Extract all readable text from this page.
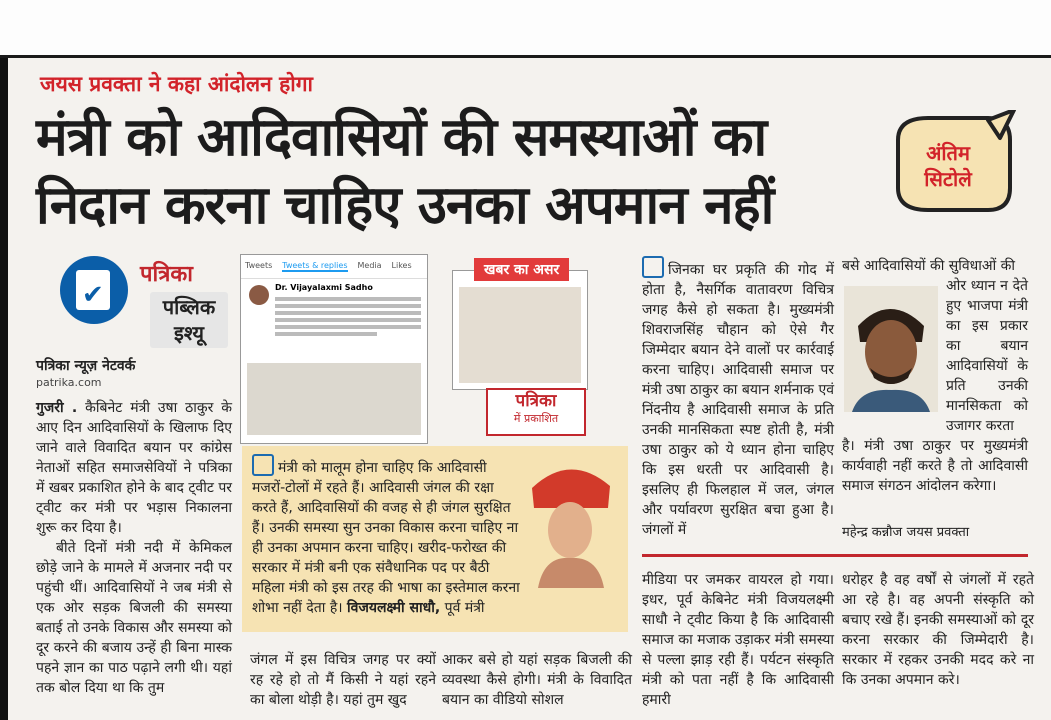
जयस प्रवक्ता ने कहा आंदोलन होगा
मंत्री को आदिवासियों की समस्याओं का
निदान करना चाहिए उनका अपमान नहीं
अंतिम
सिटोले
✔
पत्रिका
पब्लिक इश्यू
पत्रिका न्यूज़ नेटवर्क
patrika.com

गुजरी . कैबिनेट मंत्री उषा ठाकुर के आए दिन आदिवासियों के खिलाफ दिए जाने वाले विवादित बयान पर कांग्रेस नेताओं सहित समाजसेवियों ने पत्रिका में खबर प्रकाशित होने के बाद ट्वीट पर ट्वीट कर मंत्री पर भड़ास निकालना शुरू कर दिया है।

बीते दिनों मंत्री नदी में केमिकल छोड़े जाने के मामले में अजनार नदी पर पहुंची थीं। आदिवासियों ने जब मंत्री से एक ओर सड़क बिजली की समस्या बताई तो उनके विकास और समस्या को दूर करने की बजाय उन्हें ही बिना मास्क पहने ज्ञान का पाठ पढ़ाने लगी थी। यहां तक बोल दिया था कि तुम

Tweets Tweets & replies Media Likes
Dr. Vijayalaxmi Sadho
खबर का असर
पत्रिका
में प्रकाशित

मंत्री को मालूम होना चाहिए कि आदिवासी मजरों-टोलों में रहते हैं। आदिवासी जंगल की रक्षा करते हैं, आदिवासियों की वजह से ही जंगल सुरक्षित हैं। उनकी समस्या सुन उनका विकास करना चाहिए ना ही उनका अपमान करना चाहिए। खरीद-फरोख्त की सरकार में मंत्री बनी एक संवैधानिक पद पर बैठी महिला मंत्री को इस तरह की भाषा का इस्तेमाल करना शोभा नहीं देता है। विजयलक्ष्मी साधौ, पूर्व मंत्री

जंगल में इस विचित्र जगह पर क्यों रह रहे हो तो मैं किसी ने यहां रहने का बोला थोड़ी है। यहां तुम खुद

आकर बसे हो यहां सड़क बिजली की व्यवस्था कैसे होगी। मंत्री के विवादित बयान का वीडियो सोशल

जिनका घर प्रकृति की गोद में होता है, नैसर्गिक वातावरण विचित्र जगह कैसे हो सकता है। मुख्यमंत्री शिवराजसिंह चौहान को ऐसे गैर जिम्मेदार बयान देने वालों पर कार्रवाई करना चाहिए। आदिवासी समाज पर मंत्री उषा ठाकुर का बयान शर्मनाक एवं निंदनीय है आदिवासी समाज के प्रति उनकी मानसिकता स्पष्ट होती है, मंत्री उषा ठाकुर को ये ध्यान होना चाहिए कि इस धरती पर आदिवासी है। इसलिए ही फिलहाल में जल, जंगल और पर्यावरण सुरक्षित बचा हुआ है। जंगलों में

बसे आदिवासियों की सुविधाओं की

ओर ध्यान न देते हुए भाजपा मंत्री का इस प्रकार का बयान आदिवासियों के प्रति उनकी मानसिकता को उजागर करता

है। मंत्री उषा ठाकुर पर मुख्यमंत्री कार्यवाही नहीं करते है तो आदिवासी समाज संगठन आंदोलन करेगा।

महेन्द्र कन्नौज जयस प्रवक्ता

मीडिया पर जमकर वायरल हो गया। इधर, पूर्व केबिनेट मंत्री विजयलक्ष्मी साधौ ने ट्वीट किया है कि आदिवासी समाज का मजाक उड़ाकर मंत्री समस्या से पल्ला झाड़ रही हैं। पर्यटन संस्कृति मंत्री को पता नहीं है कि आदिवासी हमारी

धरोहर है वह वर्षों से जंगलों में रहते आ रहे है। वह अपनी संस्कृति को बचाए रखे हैं। इनकी समस्याओं को दूर करना सरकार की जिम्मेदारी है। सरकार में रहकर उनकी मदद करे ना कि उनका अपमान करे।
